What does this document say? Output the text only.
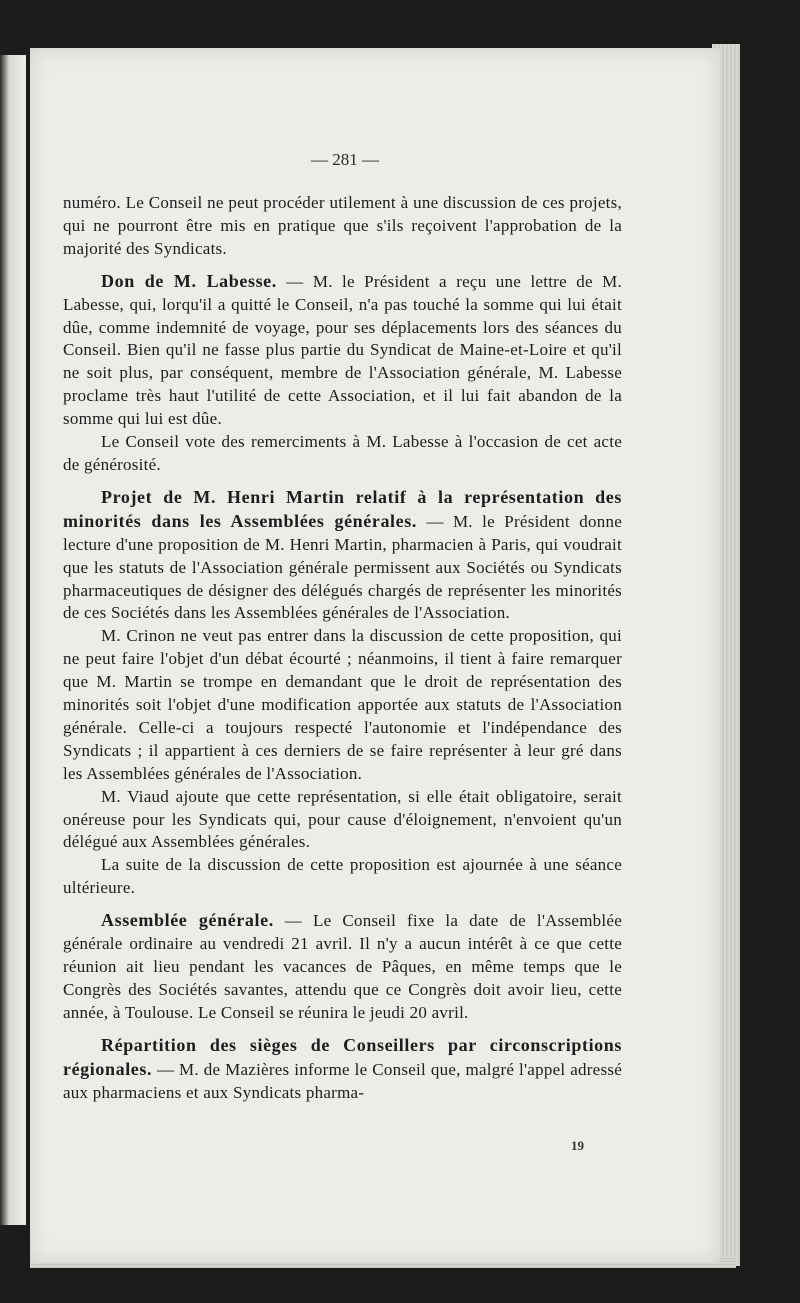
— 281 —

numéro. Le Conseil ne peut procéder utilement à une discussion de ces projets, qui ne pourront être mis en pratique que s'ils reçoivent l'approbation de la majorité des Syndicats.

Don de M. Labesse. — M. le Président a reçu une lettre de M. Labesse, qui, lorqu'il a quitté le Conseil, n'a pas touché la somme qui lui était dûe, comme indemnité de voyage, pour ses déplacements lors des séances du Conseil. Bien qu'il ne fasse plus partie du Syndicat de Maine-et-Loire et qu'il ne soit plus, par conséquent, membre de l'Association générale, M. Labesse proclame très haut l'utilité de cette Association, et il lui fait abandon de la somme qui lui est dûe.

Le Conseil vote des remerciments à M. Labesse à l'occasion de cet acte de générosité.

Projet de M. Henri Martin relatif à la représentation des minorités dans les Assemblées générales. — M. le Président donne lecture d'une proposition de M. Henri Martin, pharmacien à Paris, qui voudrait que les statuts de l'Association générale permissent aux Sociétés ou Syndicats pharmaceutiques de désigner des délégués chargés de représenter les minorités de ces Sociétés dans les Assemblées générales de l'Association.

M. Crinon ne veut pas entrer dans la discussion de cette proposition, qui ne peut faire l'objet d'un débat écourté ; néanmoins, il tient à faire remarquer que M. Martin se trompe en demandant que le droit de représentation des minorités soit l'objet d'une modification apportée aux statuts de l'Association générale. Celle-ci a toujours respecté l'autonomie et l'indépendance des Syndicats ; il appartient à ces derniers de se faire représenter à leur gré dans les Assemblées générales de l'Association.

M. Viaud ajoute que cette représentation, si elle était obligatoire, serait onéreuse pour les Syndicats qui, pour cause d'éloignement, n'envoient qu'un délégué aux Assemblées générales.

La suite de la discussion de cette proposition est ajournée à une séance ultérieure.

Assemblée générale. — Le Conseil fixe la date de l'Assemblée générale ordinaire au vendredi 21 avril. Il n'y a aucun intérêt à ce que cette réunion ait lieu pendant les vacances de Pâques, en même temps que le Congrès des Sociétés savantes, attendu que ce Congrès doit avoir lieu, cette année, à Toulouse. Le Conseil se réunira le jeudi 20 avril.

Répartition des sièges de Conseillers par circonscriptions régionales. — M. de Mazières informe le Conseil que, malgré l'appel adressé aux pharmaciens et aux Syndicats pharma-

19
